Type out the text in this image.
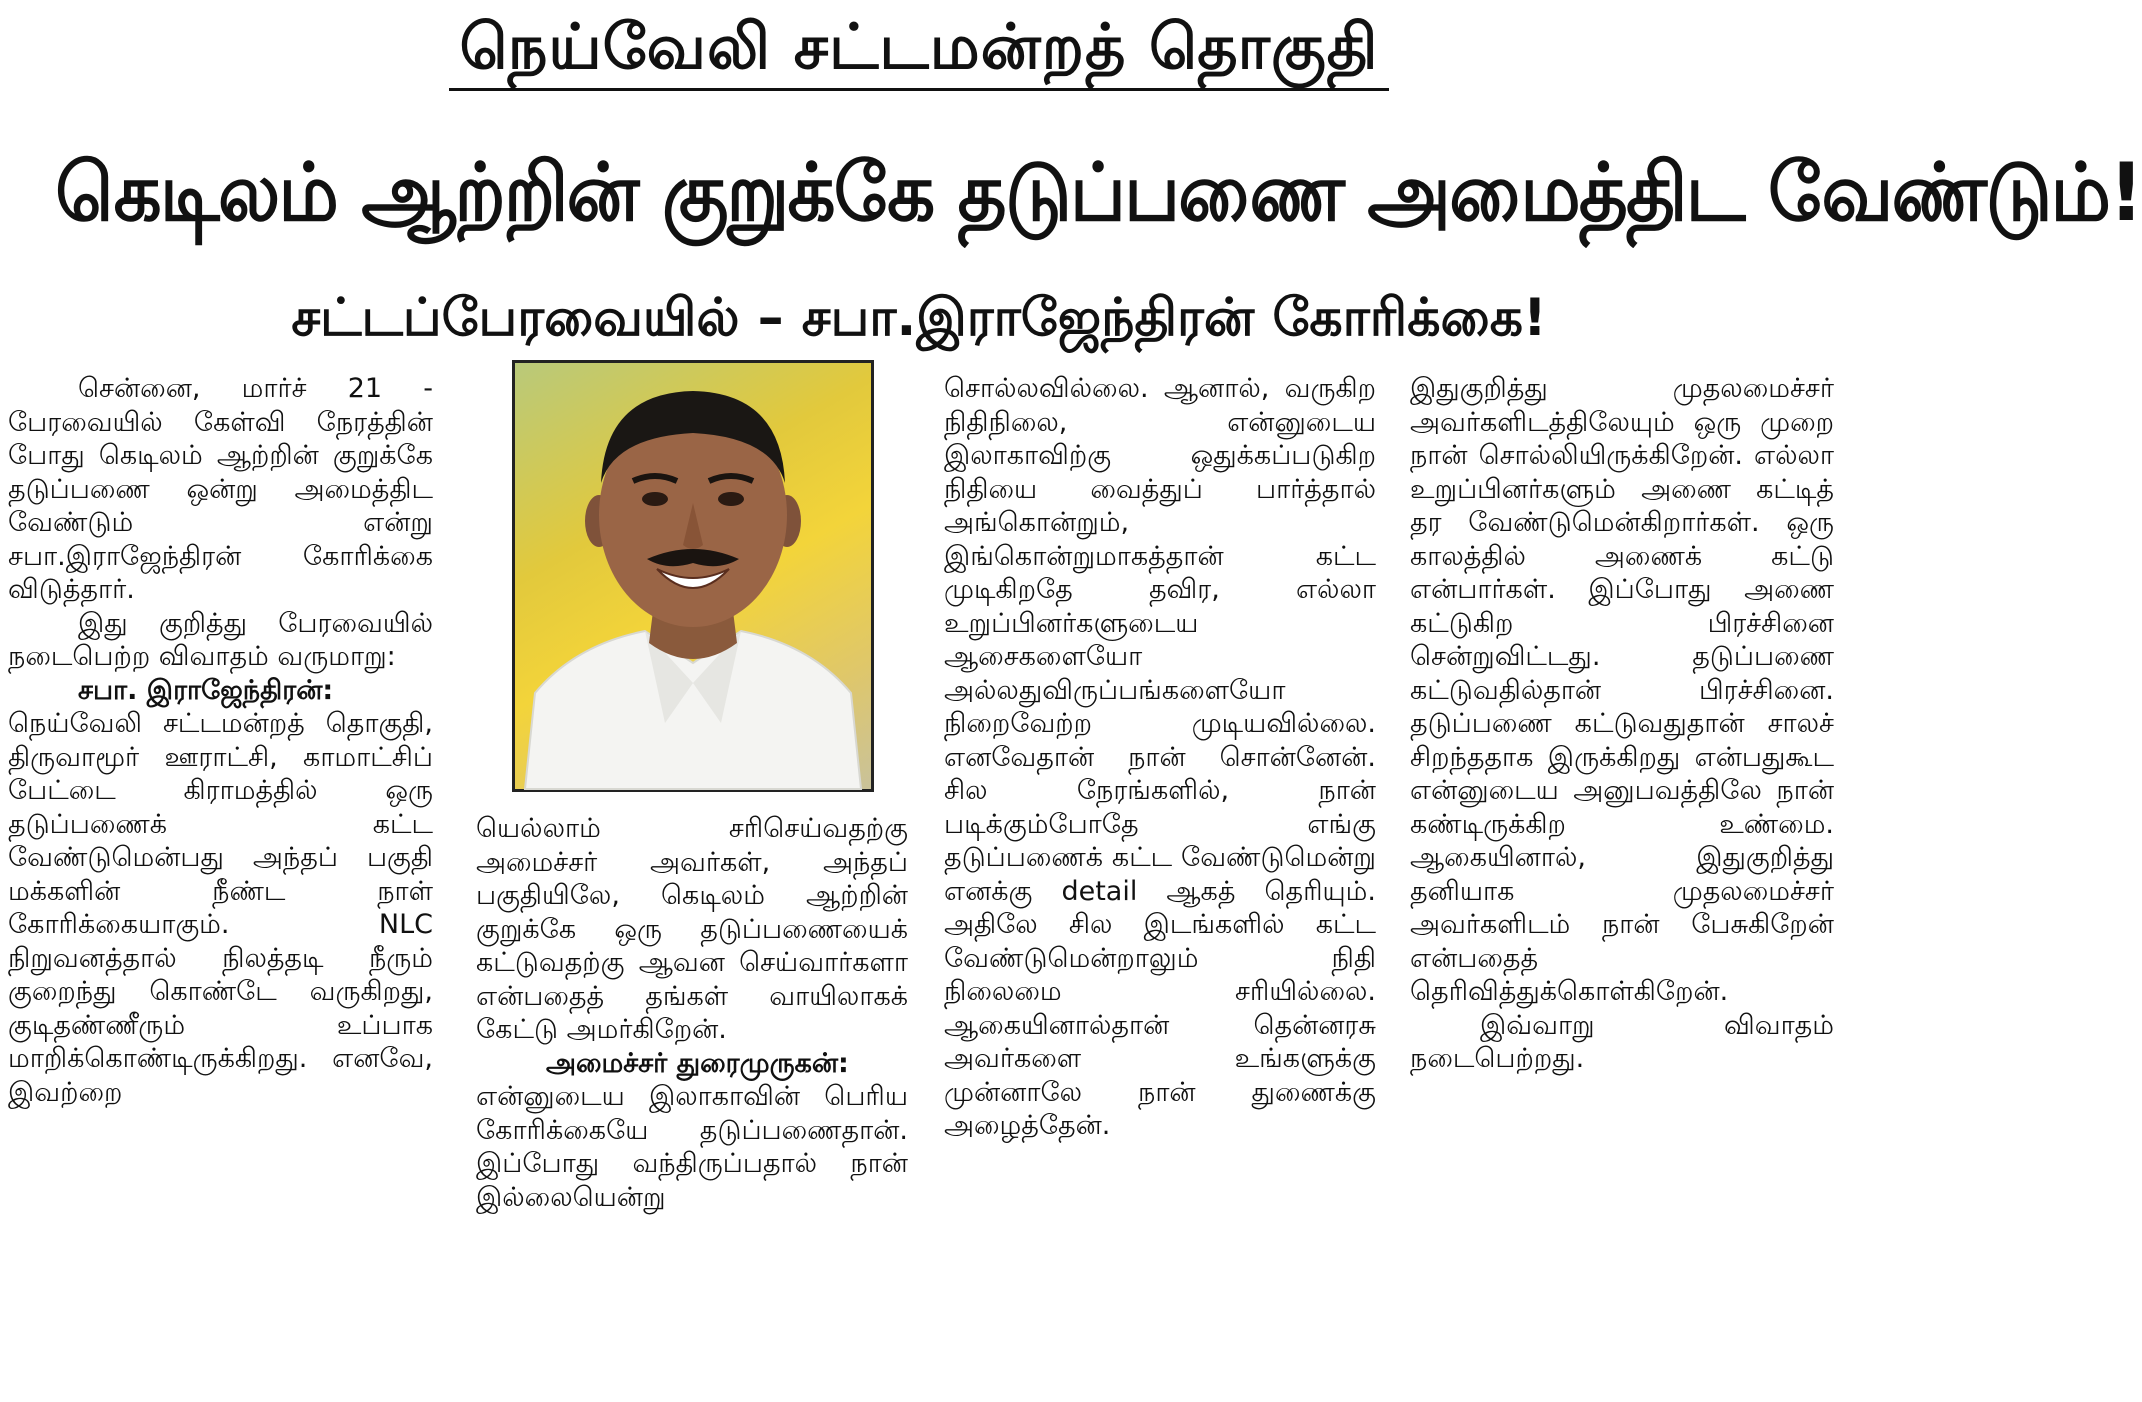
நெய்வேலி சட்டமன்றத் தொகுதி
கெடிலம் ஆற்றின் குறுக்கே தடுப்பணை அமைத்திட வேண்டும்!
சட்டப்பேரவையில் – சபா.இராஜேந்திரன் கோரிக்கை!

சென்னை, மார்ச் 21 - பேரவையில் கேள்வி நேரத்தின் போது கெடிலம் ஆற்றின் குறுக்கே தடுப்பணை ஒன்று அமைத்திட வேண்டும் என்று சபா.இராஜேந்திரன் கோரிக்கை விடுத்தார்.

இது குறித்து பேரவையில் நடைபெற்ற விவாதம் வருமாறு:

சபா. இராஜேந்திரன்:

நெய்வேலி சட்டமன்றத் தொகுதி, திருவாமூர் ஊராட்சி, காமாட்சிப் பேட்டை கிராமத்தில் ஒரு தடுப்பணைக் கட்ட வேண்டுமென்பது அந்தப் பகுதி மக்களின் நீண்ட நாள் கோரிக்கையாகும். NLC நிறுவனத்தால் நிலத்தடி நீரும் குறைந்து கொண்டே வருகிறது, குடிதண்ணீரும் உப்பாக மாறிக்கொண்டிருக்கிறது. எனவே, இவற்றை

யெல்லாம் சரிசெய்வதற்கு அமைச்சர் அவர்கள், அந்தப் பகுதியிலே, கெடிலம் ஆற்றின் குறுக்கே ஒரு தடுப்பணையைக் கட்டுவதற்கு ஆவன செய்வார்களா என்பதைத் தங்கள் வாயிலாகக் கேட்டு அமர்கிறேன்.

அமைச்சர் துரைமுருகன்:

என்னுடைய இலாகாவின் பெரிய கோரிக்கையே தடுப்பணைதான். இப்போது வந்திருப்பதால் நான் இல்லையென்று

சொல்லவில்லை. ஆனால், வருகிற நிதிநிலை, என்னுடைய இலாகாவிற்கு ஒதுக்கப்படுகிற நிதியை வைத்துப் பார்த்தால் அங்கொன்றும், இங்கொன்றுமாகத்தான் கட்ட முடிகிறதே தவிர, எல்லா உறுப்பினர்களுடைய ஆசைகளையோ அல்லதுவிருப்பங்களையோ நிறைவேற்ற முடியவில்லை. எனவேதான் நான் சொன்னேன். சில நேரங்களில், நான் படிக்கும்போதே எங்கு தடுப்பணைக் கட்ட வேண்டுமென்று எனக்கு detail ஆகத் தெரியும். அதிலே சில இடங்களில் கட்ட வேண்டுமென்றாலும் நிதி நிலைமை சரியில்லை. ஆகையினால்தான் தென்னரசு அவர்களை உங்களுக்கு முன்னாலே நான் துணைக்கு அழைத்தேன்.

இதுகுறித்து முதலமைச்சர் அவர்களிடத்திலேயும் ஒரு முறை நான் சொல்லியிருக்கிறேன். எல்லா உறுப்பினர்களும் அணை கட்டித் தர வேண்டுமென்கிறார்கள். ஒரு காலத்தில் அணைக் கட்டு என்பார்கள். இப்போது அணை கட்டுகிற பிரச்சினை சென்றுவிட்டது. தடுப்பணை கட்டுவதில்தான் பிரச்சினை. தடுப்பணை கட்டுவதுதான் சாலச் சிறந்ததாக இருக்கிறது என்பதுகூட என்னுடைய அனுபவத்திலே நான் கண்டிருக்கிற உண்மை. ஆகையினால், இதுகுறித்து தனியாக முதலமைச்சர் அவர்களிடம் நான் பேசுகிறேன் என்பதைத் தெரிவித்துக்கொள்கிறேன்.

இவ்வாறு விவாதம் நடைபெற்றது.
